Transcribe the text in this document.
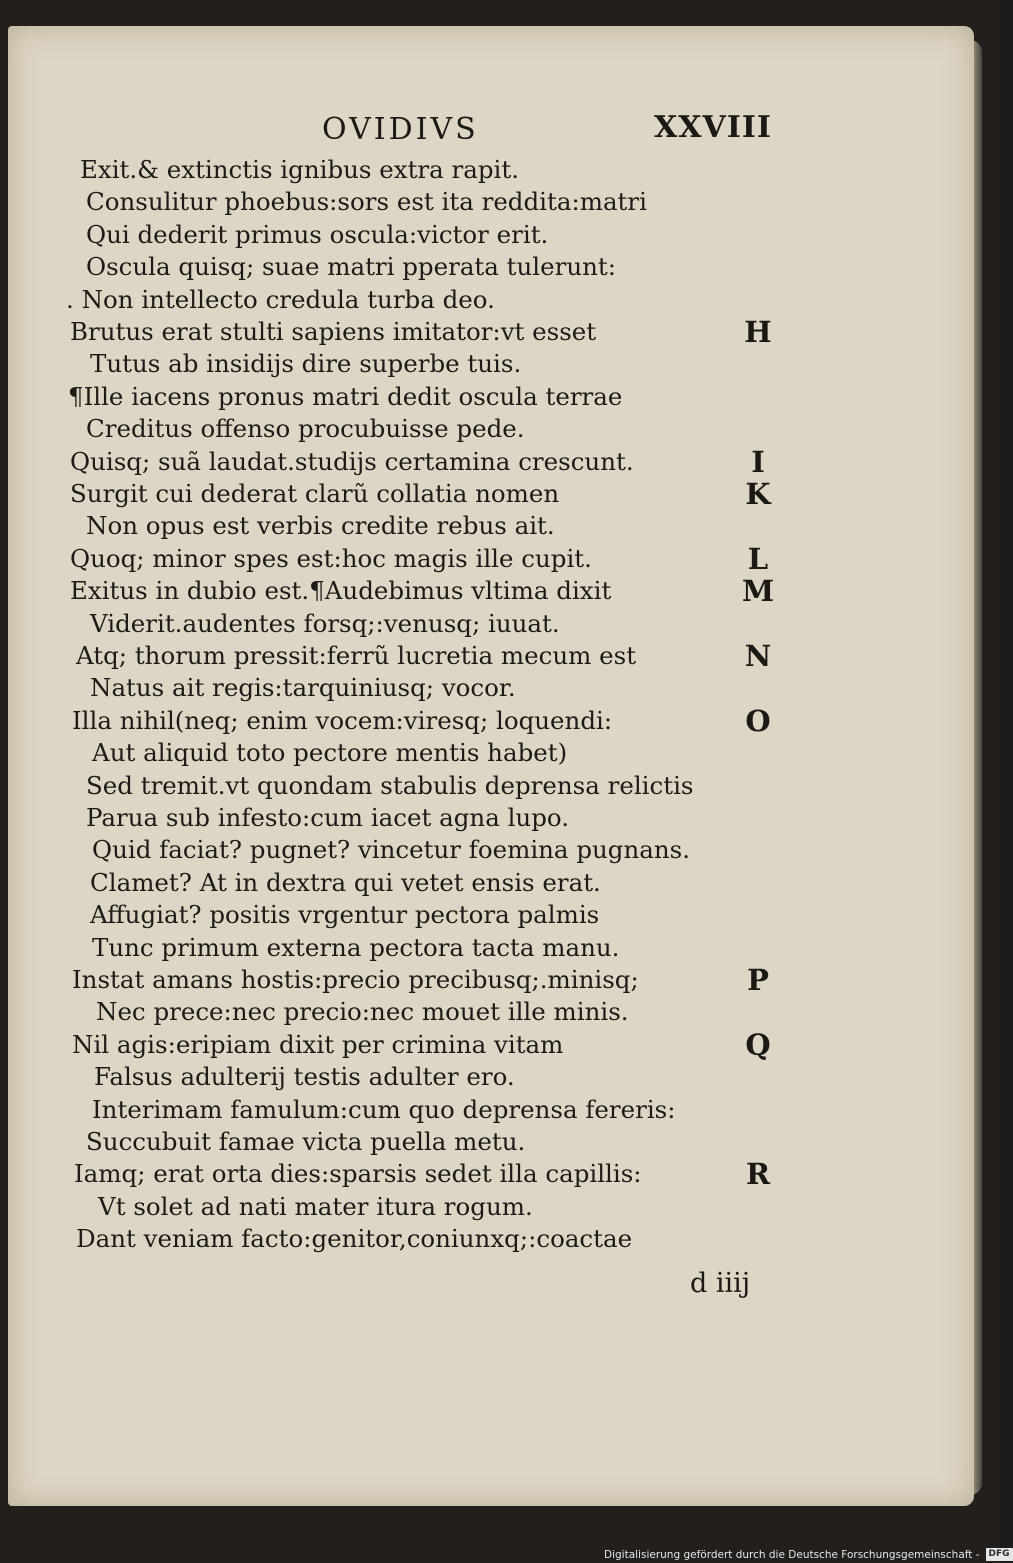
OVIDIVS	XXVIII
Exit.& extinctis ignibus extra rapit.
Consulitur phoebus:sors est ita reddita:matri
Qui dederit primus oscula:victor erit.
Oscula quisq; suae matri pperata tulerunt:
. Non intellecto credula turba deo.
Brutus erat stulti sapiens imitator:vt esset
Tutus ab insidijs dire superbe tuis.
¶Ille iacens pronus matri dedit oscula terrae
Creditus offenso procubuisse pede.
Quisq; suã laudat.studijs certamina crescunt.
Surgit cui dederat clarũ collatia nomen
Non opus est verbis credite rebus ait.
Quoq; minor spes est:hoc magis ille cupit.
Exitus in dubio est.¶Audebimus vltima dixit
Viderit.audentes forsq;:venusq; iuuat.
Atq; thorum pressit:ferrũ lucretia mecum est
Natus ait regis:tarquiniusq; vocor.
Illa nihil(neq; enim vocem:viresq; loquendi:
Aut aliquid toto pectore mentis habet)
Sed tremit.vt quondam stabulis deprensa relictis
Parua sub infesto:cum iacet agna lupo.
Quid faciat? pugnet? vincetur foemina pugnans.
Clamet? At in dextra qui vetet ensis erat.
Affugiat? positis vrgentur pectora palmis
Tunc primum externa pectora tacta manu.
Instat amans hostis:precio precibusq;.minisq;
Nec prece:nec precio:nec mouet ille minis.
Nil agis:eripiam dixit per crimina vitam
Falsus adulterij testis adulter ero.
Interimam famulum:cum quo deprensa fereris:
Succubuit famae victa puella metu.
Iamq; erat orta dies:sparsis sedet illa capillis:
Vt solet ad nati mater itura rogum.
Dant veniam facto:genitor,coniunxq;:coactae
H
I
K
L
M
N
O
P
Q
R
d iiij
Digitalisierung gefördert durch die Deutsche Forschungsgemeinschaft -	DFG
